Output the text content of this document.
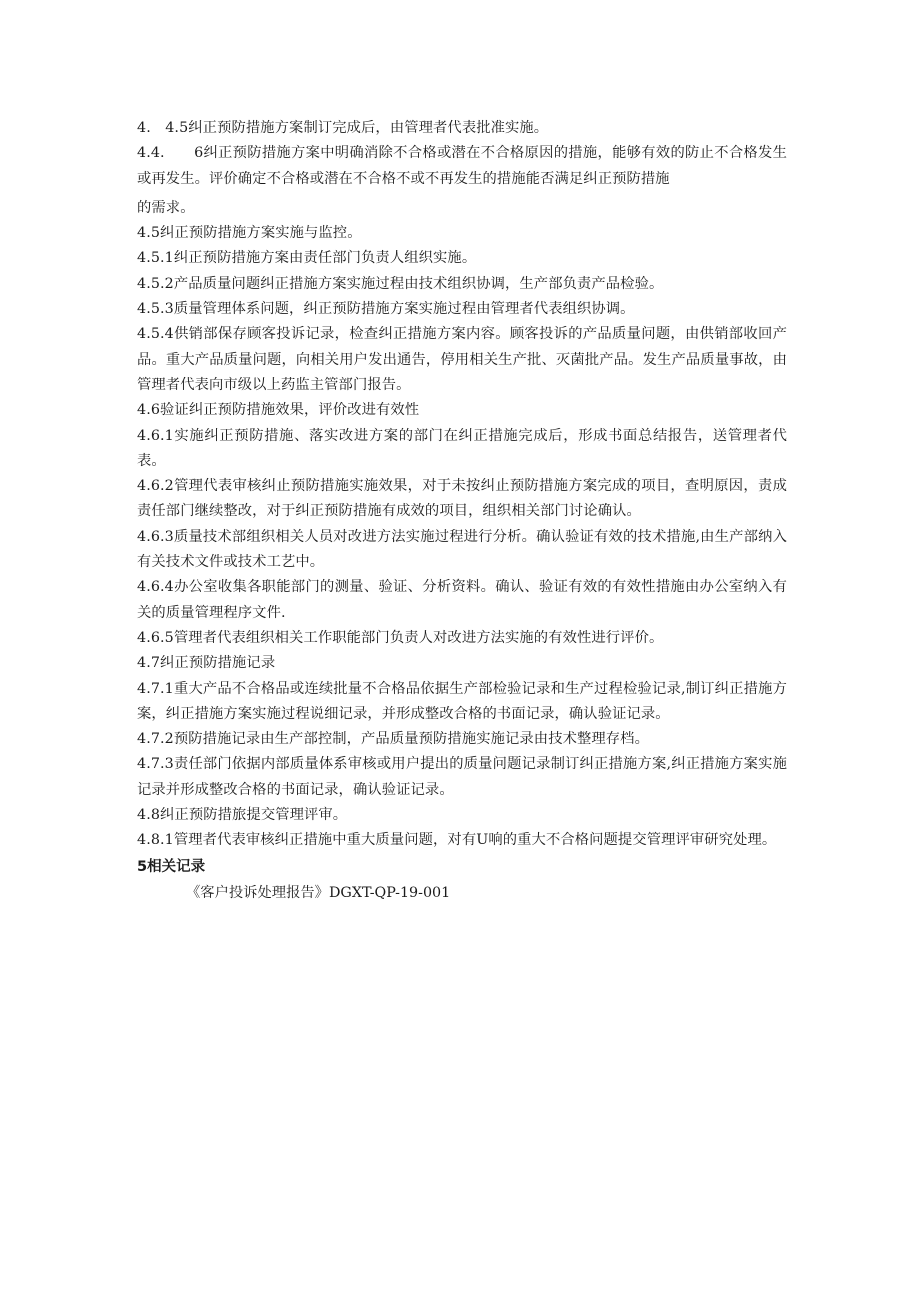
4.　4.5纠正预防措施方案制订完成后，由管理者代表批准实施。

4.4.　　6纠正预防措施方案中明确消除不合格或潜在不合格原因的措施，能够有效的防止不合格发生或再发生。评价确定不合格或潜在不合格不或不再发生的措施能否满足纠正预防措施

的需求。

4.5纠正预防措施方案实施与监控。

4.5.1纠正预防措施方案由责任部门负责人组织实施。

4.5.2产品质量问题纠正措施方案实施过程由技术组织协调，生产部负责产品检验。

4.5.3质量管理体系问题，纠正预防措施方案实施过程由管理者代表组织协调。

4.5.4供销部保存顾客投诉记录，检查纠正措施方案内容。顾客投诉的产品质量问题，由供销部收回产品。重大产品质量问题，向相关用户发出通告，停用相关生产批、灭菌批产品。发生产品质量事故，由管理者代表向市级以上药监主管部门报告。

4.6验证纠正预防措施效果，评价改进有效性

4.6.1实施纠正预防措施、落实改进方案的部门在纠正措施完成后，形成书面总结报告，送管理者代表。

4.6.2管理代表审核纠止预防措施实施效果，对于未按纠止预防措施方案完成的项目，查明原因，责成责任部门继续整改，对于纠正预防措施有成效的项目，组织相关部门讨论确认。

4.6.3质量技术部组织相关人员对改进方法实施过程进行分析。确认验证有效的技术措施,由生产部纳入有关技术文件或技术工艺中。

4.6.4办公室收集各职能部门的测量、验证、分析资料。确认、验证有效的有效性措施由办公室纳入有关的质量管理程序文件.

4.6.5管理者代表组织相关工作职能部门负责人对改进方法实施的有效性进行评价。

4.7纠正预防措施记录

4.7.1重大产品不合格品或连续批量不合格品依据生产部检验记录和生产过程检验记录,制订纠正措施方案，纠正措施方案实施过程说细记录，并形成整改合格的书面记录，确认验证记录。

4.7.2预防措施记录由生产部控制，产品质量预防措施实施记录由技术整理存档。

4.7.3责任部门依据内部质量体系审核或用户提出的质量问题记录制订纠正措施方案,纠正措施方案实施记录并形成整改合格的书面记录，确认验证记录。

4.8纠正预防措旅提交管理评审。

4.8.1管理者代表审核纠正措施中重大质量问题，对有U响的重大不合格问题提交管理评审研究处理。

5相关记录

《客户投诉处理报告》DGXT-QP-19-001
